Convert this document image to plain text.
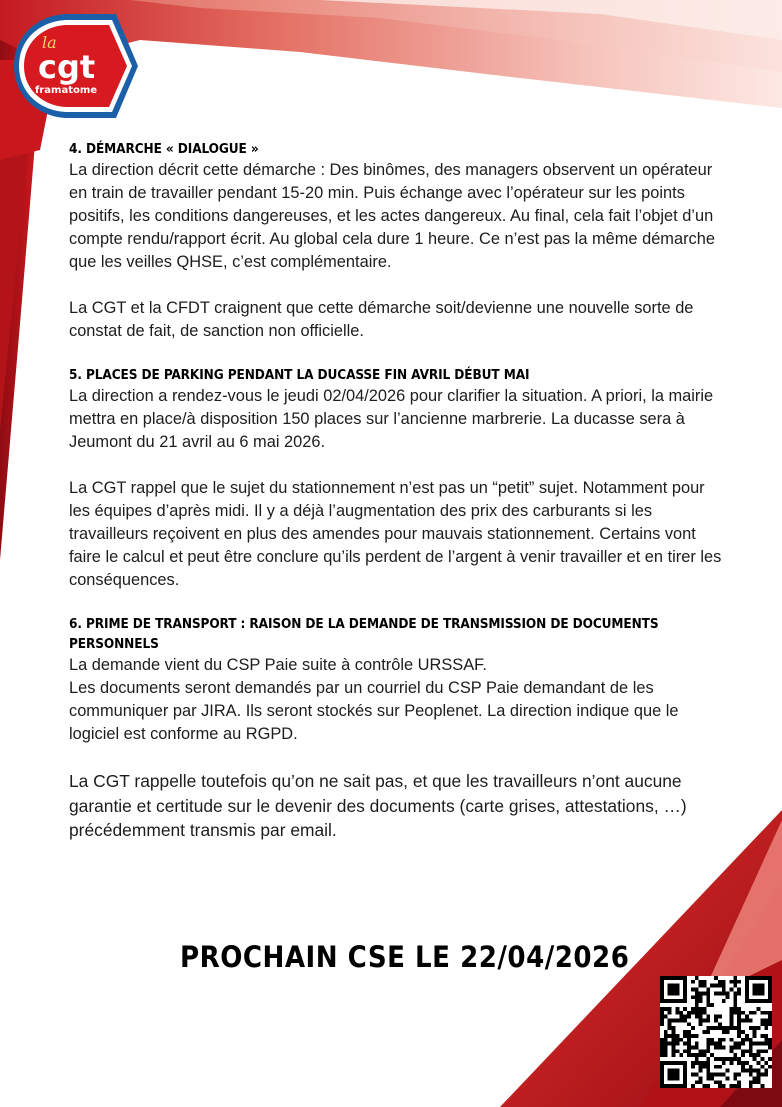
la
cgt
framatome
4. DÉMARCHE « DIALOGUE »

La direction décrit cette démarche : Des binômes, des managers observent un opérateur en train de travailler pendant 15-20 min. Puis échange avec l’opérateur sur les points positifs, les conditions dangereuses, et les actes dangereux. Au final, cela fait l’objet d’un compte rendu/rapport écrit. Au global cela dure 1 heure. Ce n’est pas la même démarche que les veilles QHSE, c’est complémentaire.

La CGT et la CFDT craignent que cette démarche soit/devienne une nouvelle sorte de constat de fait, de sanction non officielle.

5. PLACES DE PARKING PENDANT LA DUCASSE FIN AVRIL DÉBUT MAI

La direction a rendez-vous le jeudi 02/04/2026 pour clarifier la situation. A priori, la mairie mettra en place/à disposition 150 places sur l’ancienne marbrerie. La ducasse sera à Jeumont du 21 avril au 6 mai 2026.

La CGT rappel que le sujet du stationnement n’est pas un “petit” sujet. Notamment pour les équipes d’après midi. Il y a déjà l’augmentation des prix des carburants si les travailleurs reçoivent en plus des amendes pour mauvais stationnement. Certains vont faire le calcul et peut être conclure qu’ils perdent de l’argent à venir travailler et en tirer les conséquences.

6. PRIME DE TRANSPORT : RAISON DE LA DEMANDE DE TRANSMISSION DE DOCUMENTS PERSONNELS

La demande vient du CSP Paie suite à contrôle URSSAF.

Les documents seront demandés par un courriel du CSP Paie demandant de les communiquer par JIRA. Ils seront stockés sur Peoplenet. La direction indique que le logiciel est conforme au RGPD.

La CGT rappelle toutefois qu’on ne sait pas, et que les travailleurs n’ont aucune garantie et certitude sur le devenir des documents (carte grises, attestations, …) précédemment transmis par email.

PROCHAIN CSE LE 22/04/2026
